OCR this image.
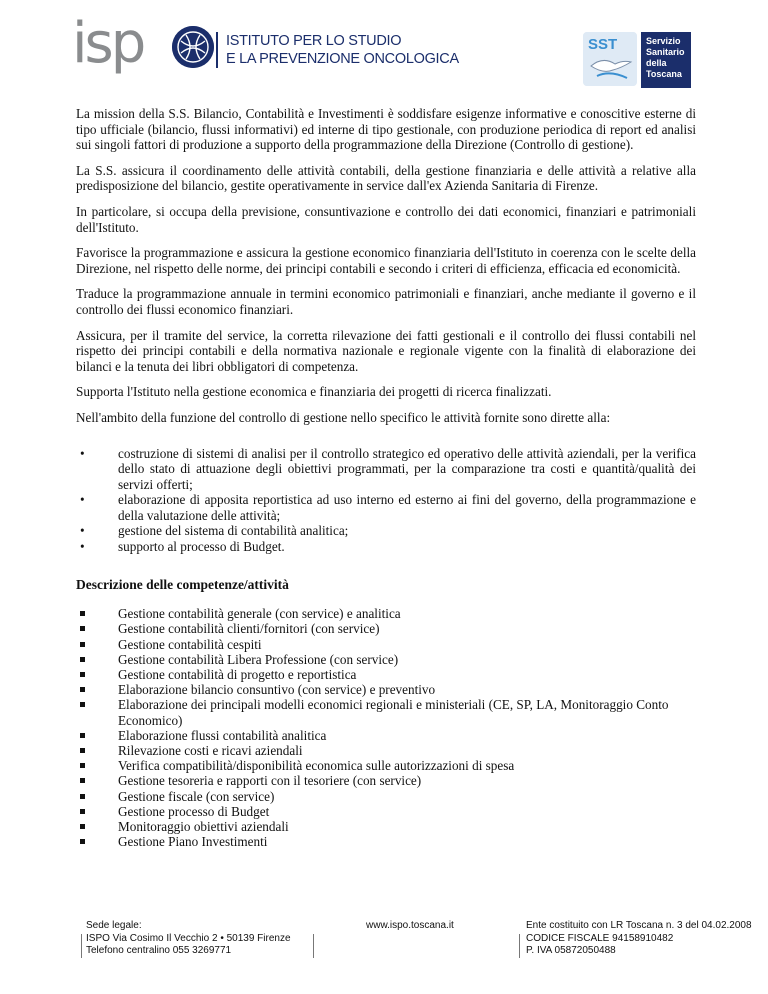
isp	ISTITUTO PER LO STUDIO
E LA PREVENZIONE ONCOLOGICA
SST	Servizio
Sanitario
della
Toscana

La mission della S.S. Bilancio, Contabilità e Investimenti è soddisfare esigenze informative e conoscitive esterne di tipo ufficiale (bilancio, flussi informativi) ed interne di tipo gestionale, con produzione periodica di report ed analisi sui singoli fattori di produzione a supporto della programmazione della Direzione (Controllo di gestione).

La S.S. assicura il coordinamento delle attività contabili, della gestione finanziaria e delle attività a relative alla predisposizione del bilancio, gestite operativamente in service dall'ex Azienda Sanitaria di Firenze.

In particolare, si occupa della previsione, consuntivazione e controllo dei dati economici, finanziari e patrimoniali dell'Istituto.

Favorisce la programmazione e assicura la gestione economico finanziaria dell'Istituto in coerenza con le scelte della Direzione, nel rispetto delle norme, dei principi contabili e secondo i criteri di efficienza, efficacia ed economicità.

Traduce la programmazione annuale in termini economico patrimoniali e finanziari, anche mediante il governo e il controllo dei flussi economico finanziari.

Assicura, per il tramite del service, la corretta rilevazione dei fatti gestionali e il controllo dei flussi contabili nel rispetto dei principi contabili e della normativa nazionale e regionale vigente con la finalità di elaborazione dei bilanci e la tenuta dei libri obbligatori di competenza.

Supporta l'Istituto nella gestione economica e finanziaria dei progetti di ricerca finalizzati.

Nell'ambito della funzione del controllo di gestione nello specifico le attività fornite sono dirette alla:

•	costruzione di sistemi di analisi per il controllo strategico ed operativo delle attività aziendali, per la verifica dello stato di attuazione degli obiettivi programmati, per la comparazione tra costi e quantità/qualità dei servizi offerti;
•	elaborazione di apposita reportistica ad uso interno ed esterno ai fini del governo, della programmazione e della valutazione delle attività;
•	gestione del sistema di contabilità analitica;
•	supporto al processo di Budget.
Descrizione delle competenze/attività
Gestione contabilità generale (con service) e analitica
Gestione contabilità clienti/fornitori (con service)
Gestione contabilità cespiti
Gestione contabilità Libera Professione (con service)
Gestione contabilità di progetto e reportistica
Elaborazione bilancio consuntivo (con service) e preventivo
Elaborazione dei principali modelli economici regionali e ministeriali (CE, SP, LA, Monitoraggio Conto Economico)
Elaborazione flussi contabilità analitica
Rilevazione costi e ricavi aziendali
Verifica compatibilità/disponibilità economica sulle autorizzazioni di spesa
Gestione tesoreria e rapporti con il tesoriere (con service)
Gestione fiscale (con service)
Gestione processo di Budget
Monitoraggio obiettivi aziendali
Gestione Piano Investimenti
Sede legale:
ISPO Via Cosimo Il Vecchio 2 • 50139 Firenze
Telefono centralino 055 3269771
www.ispo.toscana.it	Ente costituito con LR Toscana n. 3 del 04.02.2008
CODICE FISCALE 94158910482
P. IVA 05872050488
